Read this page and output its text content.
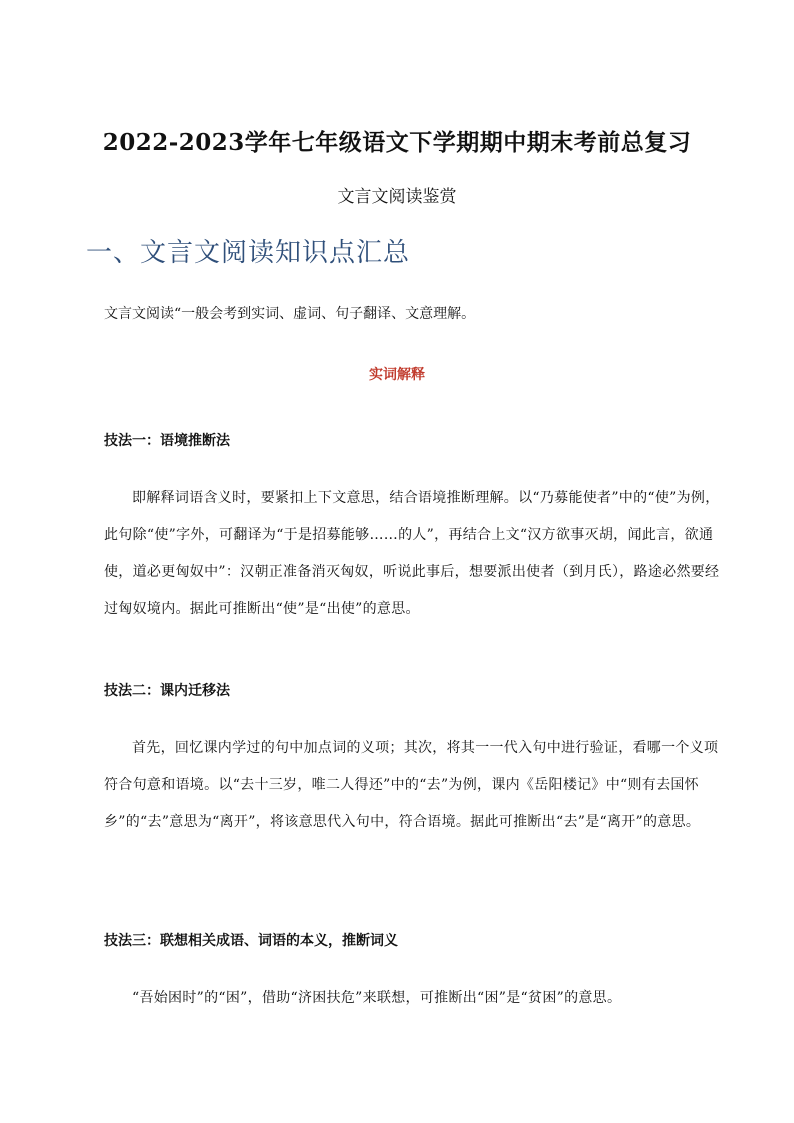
2022-2023学年七年级语文下学期期中期末考前总复习
文言文阅读鉴赏
一、文言文阅读知识点汇总
文言文阅读“一般会考到实词、虚词、句子翻译、文意理解。
实词解释
技法一：语境推断法
即解释词语含义时，要紧扣上下文意思，结合语境推断理解。以“乃募能使者”中的“使”为例，此句除“使”字外，可翻译为“于是招募能够……的人”，再结合上文“汉方欲事灭胡，闻此言，欲通使，道必更匈奴中”：汉朝正准备消灭匈奴，听说此事后，想要派出使者（到月氏），路途必然要经过匈奴境内。据此可推断出“使”是“出使”的意思。
技法二：课内迁移法
首先，回忆课内学过的句中加点词的义项；其次，将其一一代入句中进行验证，看哪一个义项符合句意和语境。以“去十三岁，唯二人得还”中的“去”为例，课内《岳阳楼记》中“则有去国怀乡”的“去”意思为“离开”，将该意思代入句中，符合语境。据此可推断出“去”是“离开”的意思。
技法三：联想相关成语、词语的本义，推断词义
“吾始困时”的“困”，借助“济困扶危”来联想，可推断出“困”是“贫困”的意思。
